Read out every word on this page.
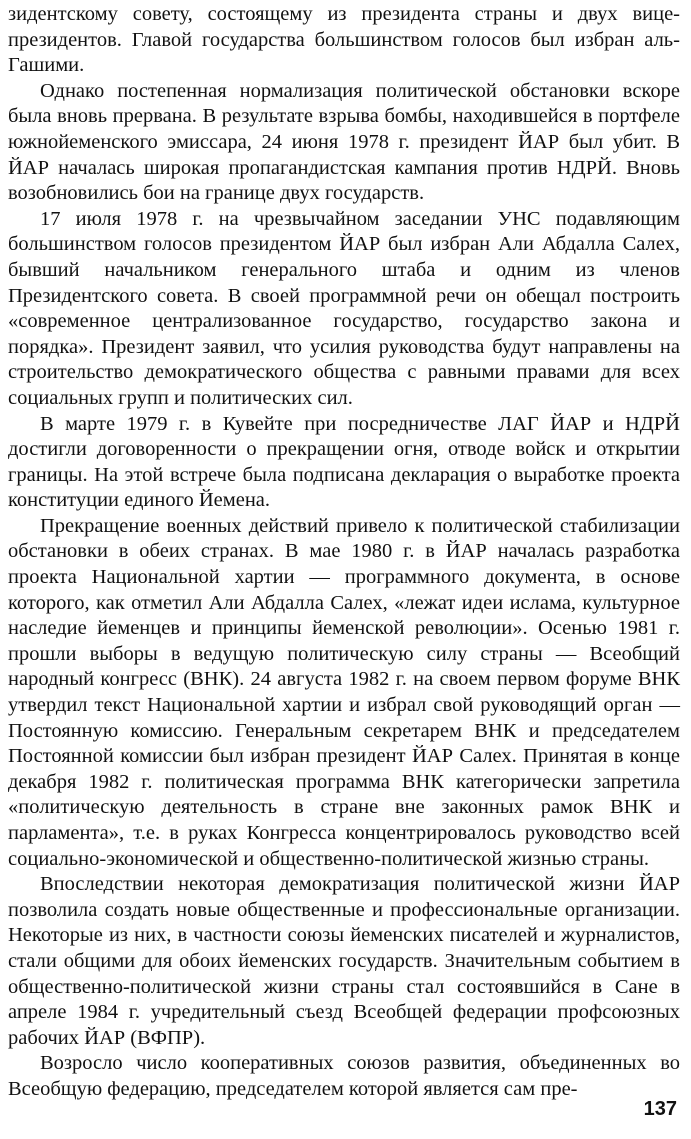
зидентскому совету, состоящему из президента страны и двух вице-президентов. Главой государства большинством голосов был избран аль-Гашими.

Однако постепенная нормализация политической обстановки вскоре была вновь прервана. В результате взрыва бомбы, находившейся в портфеле южнойеменского эмиссара, 24 июня 1978 г. президент ЙАР был убит. В ЙАР началась широкая пропагандистская кампания против НДРЙ. Вновь возобновились бои на границе двух государств.

17 июля 1978 г. на чрезвычайном заседании УНС подавляющим большинством голосов президентом ЙАР был избран Али Абдалла Салех, бывший начальником генерального штаба и одним из членов Президентского совета. В своей программной речи он обещал построить «современное централизованное государство, государство закона и порядка». Президент заявил, что усилия руководства будут направлены на строительство демократического общества с равными правами для всех социальных групп и политических сил.

В марте 1979 г. в Кувейте при посредничестве ЛАГ ЙАР и НДРЙ достигли договоренности о прекращении огня, отводе войск и открытии границы. На этой встрече была подписана декларация о выработке проекта конституции единого Йемена.

Прекращение военных действий привело к политической стабилизации обстановки в обеих странах. В мае 1980 г. в ЙАР началась разработка проекта Национальной хартии — программного документа, в основе которого, как отметил Али Абдалла Салех, «лежат идеи ислама, культурное наследие йеменцев и принципы йеменской революции». Осенью 1981 г. прошли выборы в ведущую политическую силу страны — Всеобщий народный конгресс (ВНК). 24 августа 1982 г. на своем первом форуме ВНК утвердил текст Национальной хартии и избрал свой руководящий орган — Постоянную комиссию. Генеральным секретарем ВНК и председателем Постоянной комиссии был избран президент ЙАР Салех. Принятая в конце декабря 1982 г. политическая программа ВНК категорически запретила «политическую деятельность в стране вне законных рамок ВНК и парламента», т.е. в руках Конгресса концентрировалось руководство всей социально-экономической и общественно-политической жизнью страны.

Впоследствии некоторая демократизация политической жизни ЙАР позволила создать новые общественные и профессиональные организации. Некоторые из них, в частности союзы йеменских писателей и журналистов, стали общими для обоих йеменских государств. Значительным событием в общественно-политической жизни страны стал состоявшийся в Сане в апреле 1984 г. учредительный съезд Всеобщей федерации профсоюзных рабочих ЙАР (ВФПР).

Возросло число кооперативных союзов развития, объединенных во Всеобщую федерацию, председателем которой является сам пре-

137
